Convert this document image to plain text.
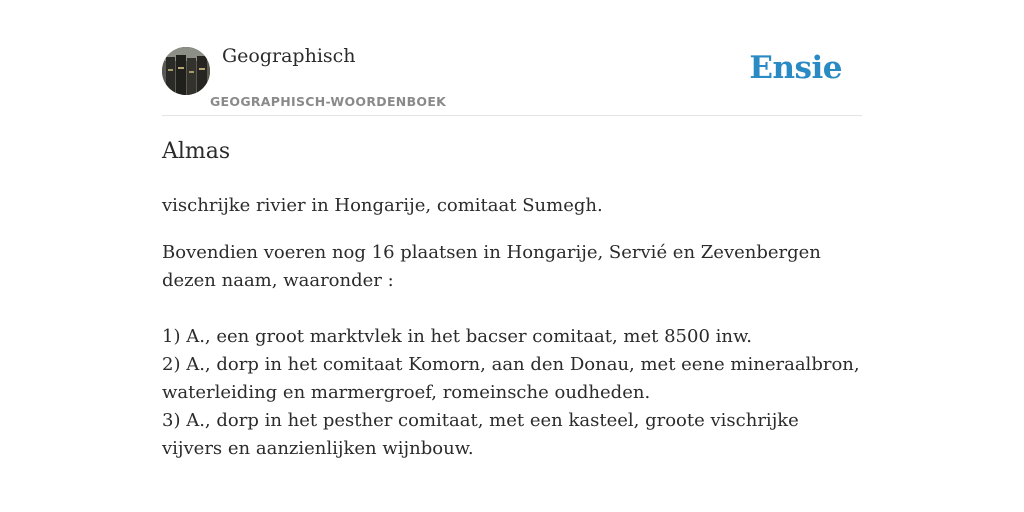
Geographisch
GEOGRAPHISCH-WOORDENBOEK
Ensie
Almas

vischrijke rivier in Hongarije, comitaat Sumegh.

Bovendien voeren nog 16 plaatsen in Hongarije, Servié en Zevenbergen dezen naam, waaronder :

1) A., een groot marktvlek in het bacser comitaat, met 8500 inw.
2) A., dorp in het comitaat Komorn, aan den Donau, met eene mineraalbron, waterleiding en marmergroef, romeinsche oudheden.
3) A., dorp in het pesther comitaat, met een kasteel, groote vischrijke vijvers en aanzienlijken wijnbouw.
